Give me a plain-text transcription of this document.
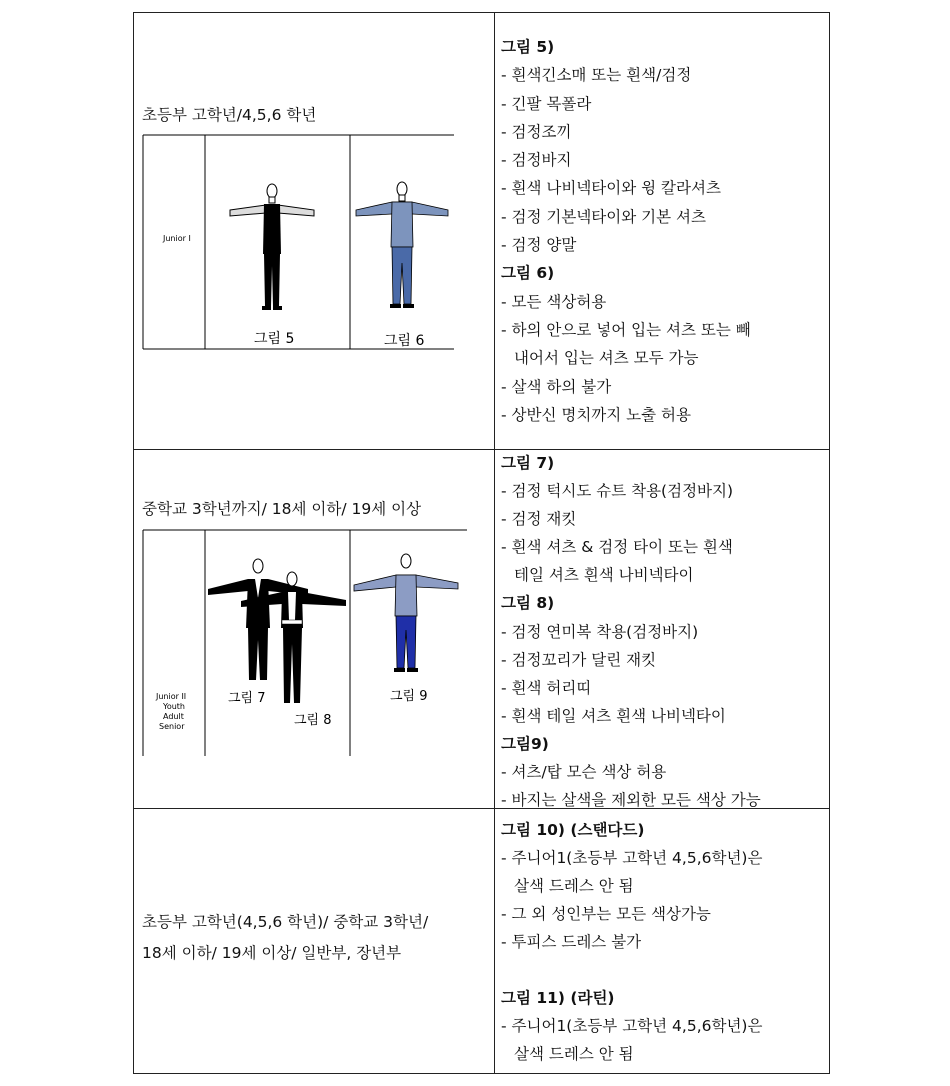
초등부 고학년/4,5,6 학년
Junior I
그림 5	그림 6
그림 5)
- 흰색긴소매 또는 흰색/검정
- 긴팔 목폴라
- 검정조끼
- 검정바지
- 흰색 나비넥타이와 윙 칼라셔츠
- 검정 기본넥타이와 기본 셔츠
- 검정 양말
그림 6)
- 모든 색상허용
- 하의 안으로 넣어 입는 셔츠 또는 빼
내어서 입는 셔츠 모두 가능
- 살색 하의 불가
- 상반신 명치까지 노출 허용
중학교 3학년까지/ 18세 이하/ 19세 이상
Junior II
Youth
Adult
Senior
그림 7
그림 8
그림 9
그림 7)
- 검정 턱시도 슈트 착용(검정바지)
- 검정 재킷
- 흰색 셔츠 & 검정 타이 또는 흰색
테일 셔츠 흰색 나비넥타이
그림 8)
- 검정 연미복 착용(검정바지)
- 검정꼬리가 달린 재킷
- 흰색 허리띠
- 흰색 테일 셔츠 흰색 나비넥타이
그림9)
- 셔츠/탑 모슨 색상 허용
- 바지는 살색을 제외한 모든 색상 가능
초등부 고학년(4,5,6 학년)/ 중학교 3학년/
18세 이하/ 19세 이상/ 일반부, 장년부
그림 10) (스탠다드)
- 주니어1(초등부 고학년 4,5,6학년)은
살색 드레스 안 됨
- 그 외 성인부는 모든 색상가능
- 투피스 드레스 불가
그림 11) (라틴)
- 주니어1(초등부 고학년 4,5,6학년)은
살색 드레스 안 됨
